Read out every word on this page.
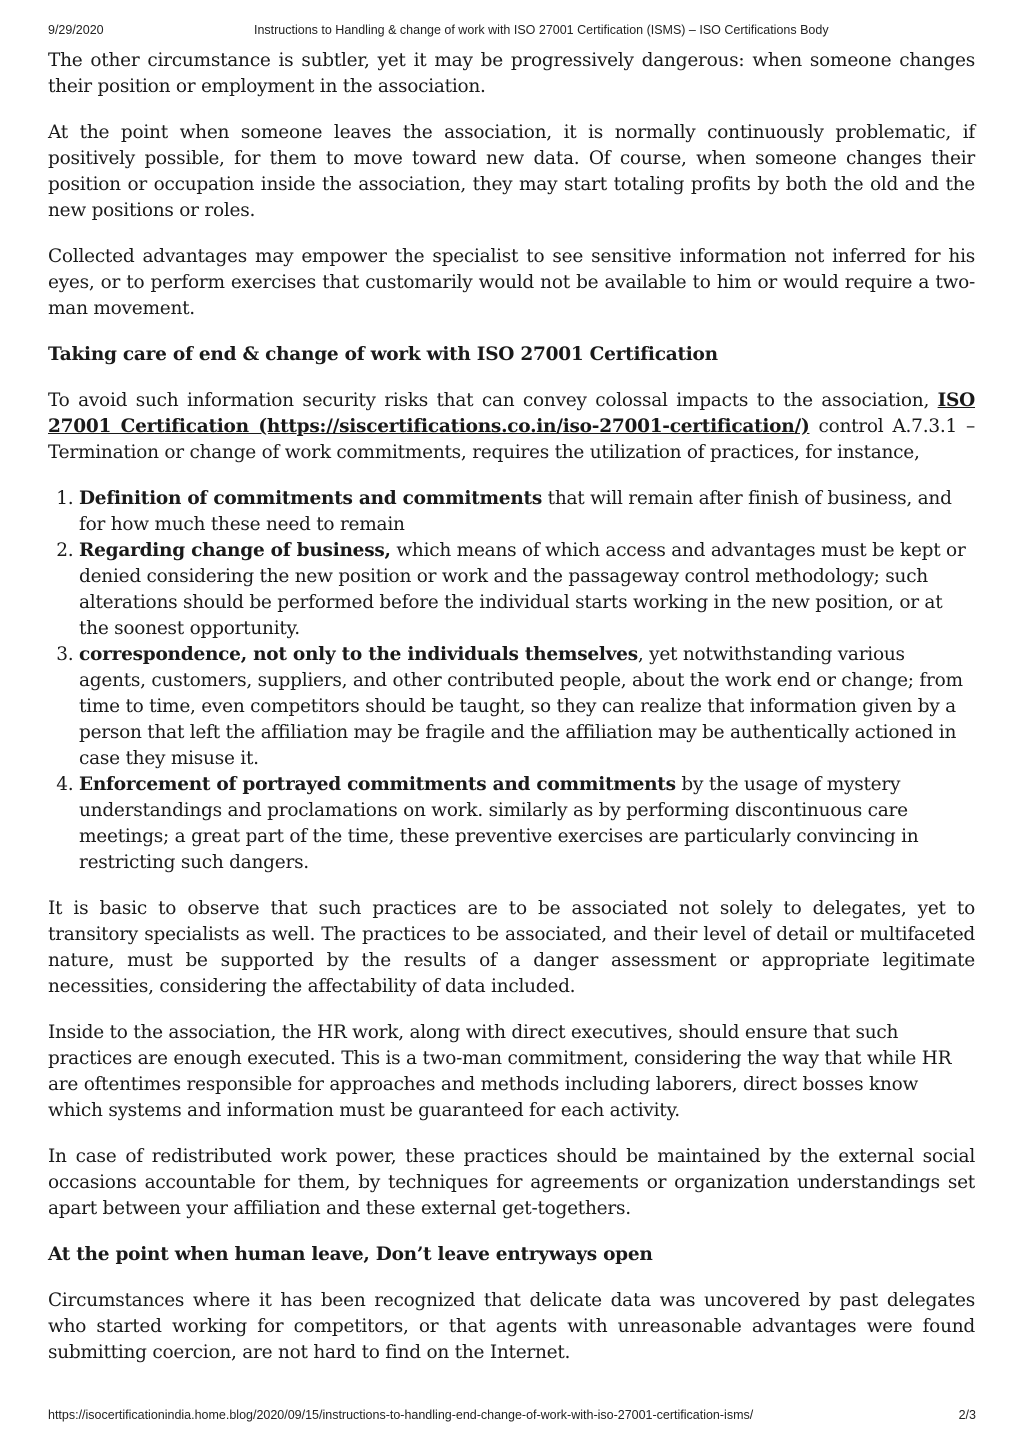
9/29/2020	Instructions to Handling & change of work with ISO 27001 Certification (ISMS) – ISO Certifications Body

The other circumstance is subtler, yet it may be progressively dangerous: when someone changes their position or employment in the association.

At the point when someone leaves the association, it is normally continuously problematic, if positively possible, for them to move toward new data. Of course, when someone changes their position or occupation inside the association, they may start totaling profits by both the old and the new positions or roles.

Collected advantages may empower the specialist to see sensitive information not inferred for his eyes, or to perform exercises that customarily would not be available to him or would require a two-man movement.

Taking care of end & change of work with ISO 27001 Certification

To avoid such information security risks that can convey colossal impacts to the association, ISO 27001 Certification (https://siscertifications.co.in/iso-27001-certification/) control A.7.3.1 – Termination or change of work commitments, requires the utilization of practices, for instance,

1. Definition of commitments and commitments that will remain after finish of business, and for how much these need to remain
2. Regarding change of business, which means of which access and advantages must be kept or denied considering the new position or work and the passageway control methodology; such alterations should be performed before the individual starts working in the new position, or at the soonest opportunity.
3. correspondence, not only to the individuals themselves, yet notwithstanding various agents, customers, suppliers, and other contributed people, about the work end or change; from time to time, even competitors should be taught, so they can realize that information given by a person that left the affiliation may be fragile and the affiliation may be authentically actioned in case they misuse it.
4. Enforcement of portrayed commitments and commitments by the usage of mystery understandings and proclamations on work. similarly as by performing discontinuous care meetings; a great part of the time, these preventive exercises are particularly convincing in restricting such dangers.

It is basic to observe that such practices are to be associated not solely to delegates, yet to transitory specialists as well. The practices to be associated, and their level of detail or multifaceted nature, must be supported by the results of a danger assessment or appropriate legitimate necessities, considering the affectability of data included.

Inside to the association, the HR work, along with direct executives, should ensure that such practices are enough executed. This is a two-man commitment, considering the way that while HR are oftentimes responsible for approaches and methods including laborers, direct bosses know which systems and information must be guaranteed for each activity.

In case of redistributed work power, these practices should be maintained by the external social occasions accountable for them, by techniques for agreements or organization understandings set apart between your affiliation and these external get-togethers.

At the point when human leave, Don’t leave entryways open

Circumstances where it has been recognized that delicate data was uncovered by past delegates who started working for competitors, or that agents with unreasonable advantages were found submitting coercion, are not hard to find on the Internet.

https://isocertificationindia.home.blog/2020/09/15/instructions-to-handling-end-change-of-work-with-iso-27001-certification-isms/	2/3
